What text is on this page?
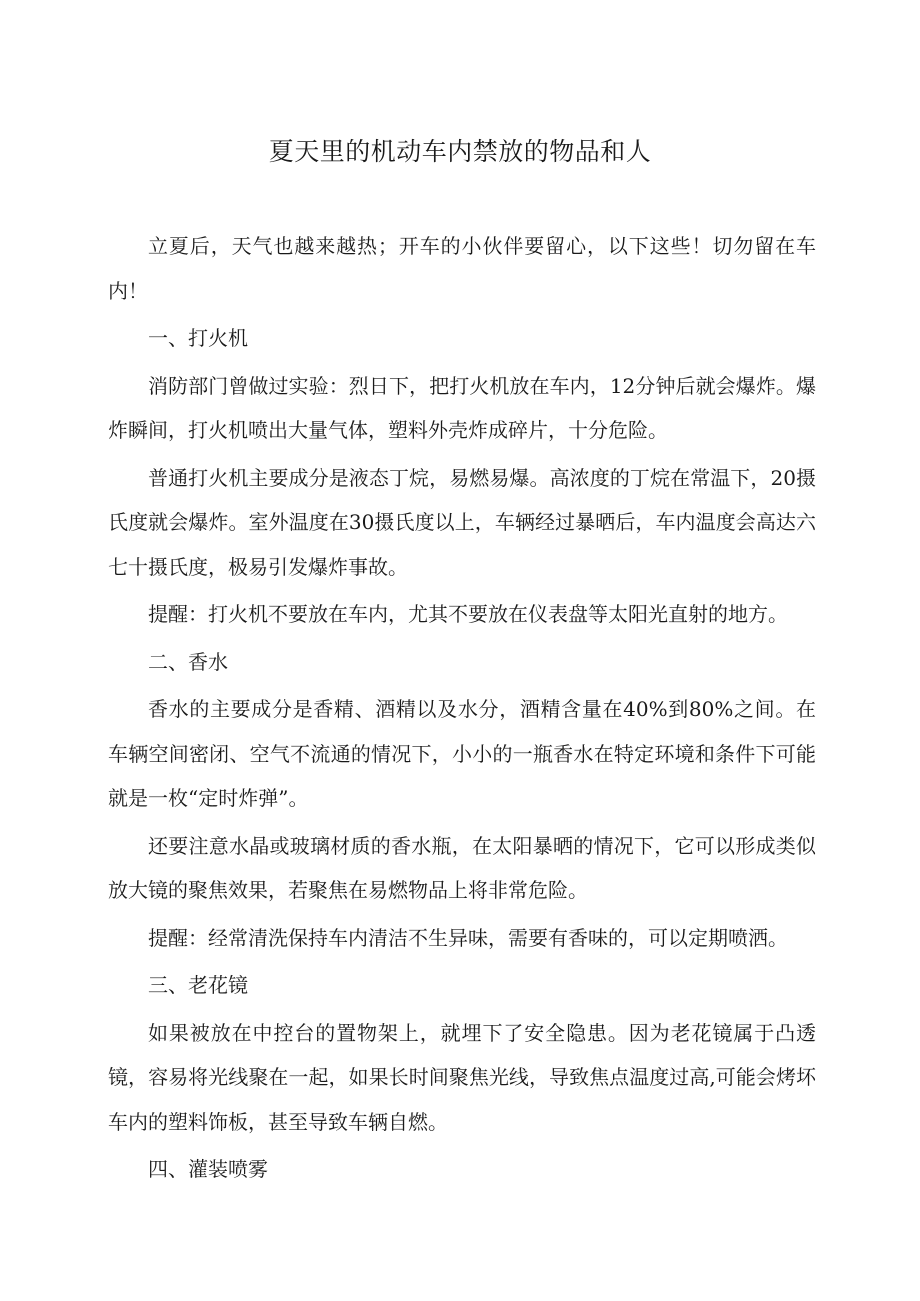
夏天里的机动车内禁放的物品和人

立夏后，天气也越来越热；开车的小伙伴要留心，以下这些！切勿留在车内！

一、打火机

消防部门曾做过实验：烈日下，把打火机放在车内，12分钟后就会爆炸。爆炸瞬间，打火机喷出大量气体，塑料外壳炸成碎片，十分危险。

普通打火机主要成分是液态丁烷，易燃易爆。高浓度的丁烷在常温下，20摄氏度就会爆炸。室外温度在30摄氏度以上，车辆经过暴晒后，车内温度会高达六七十摄氏度，极易引发爆炸事故。

提醒：打火机不要放在车内，尤其不要放在仪表盘等太阳光直射的地方。

二、香水

香水的主要成分是香精、酒精以及水分，酒精含量在40%到80%之间。在车辆空间密闭、空气不流通的情况下，小小的一瓶香水在特定环境和条件下可能就是一枚“定时炸弹”。

还要注意水晶或玻璃材质的香水瓶，在太阳暴晒的情况下，它可以形成类似放大镜的聚焦效果，若聚焦在易燃物品上将非常危险。

提醒：经常清洗保持车内清洁不生异味，需要有香味的，可以定期喷洒。

三、老花镜

如果被放在中控台的置物架上，就埋下了安全隐患。因为老花镜属于凸透镜，容易将光线聚在一起，如果长时间聚焦光线，导致焦点温度过高,可能会烤坏车内的塑料饰板，甚至导致车辆自燃。

四、灌装喷雾
